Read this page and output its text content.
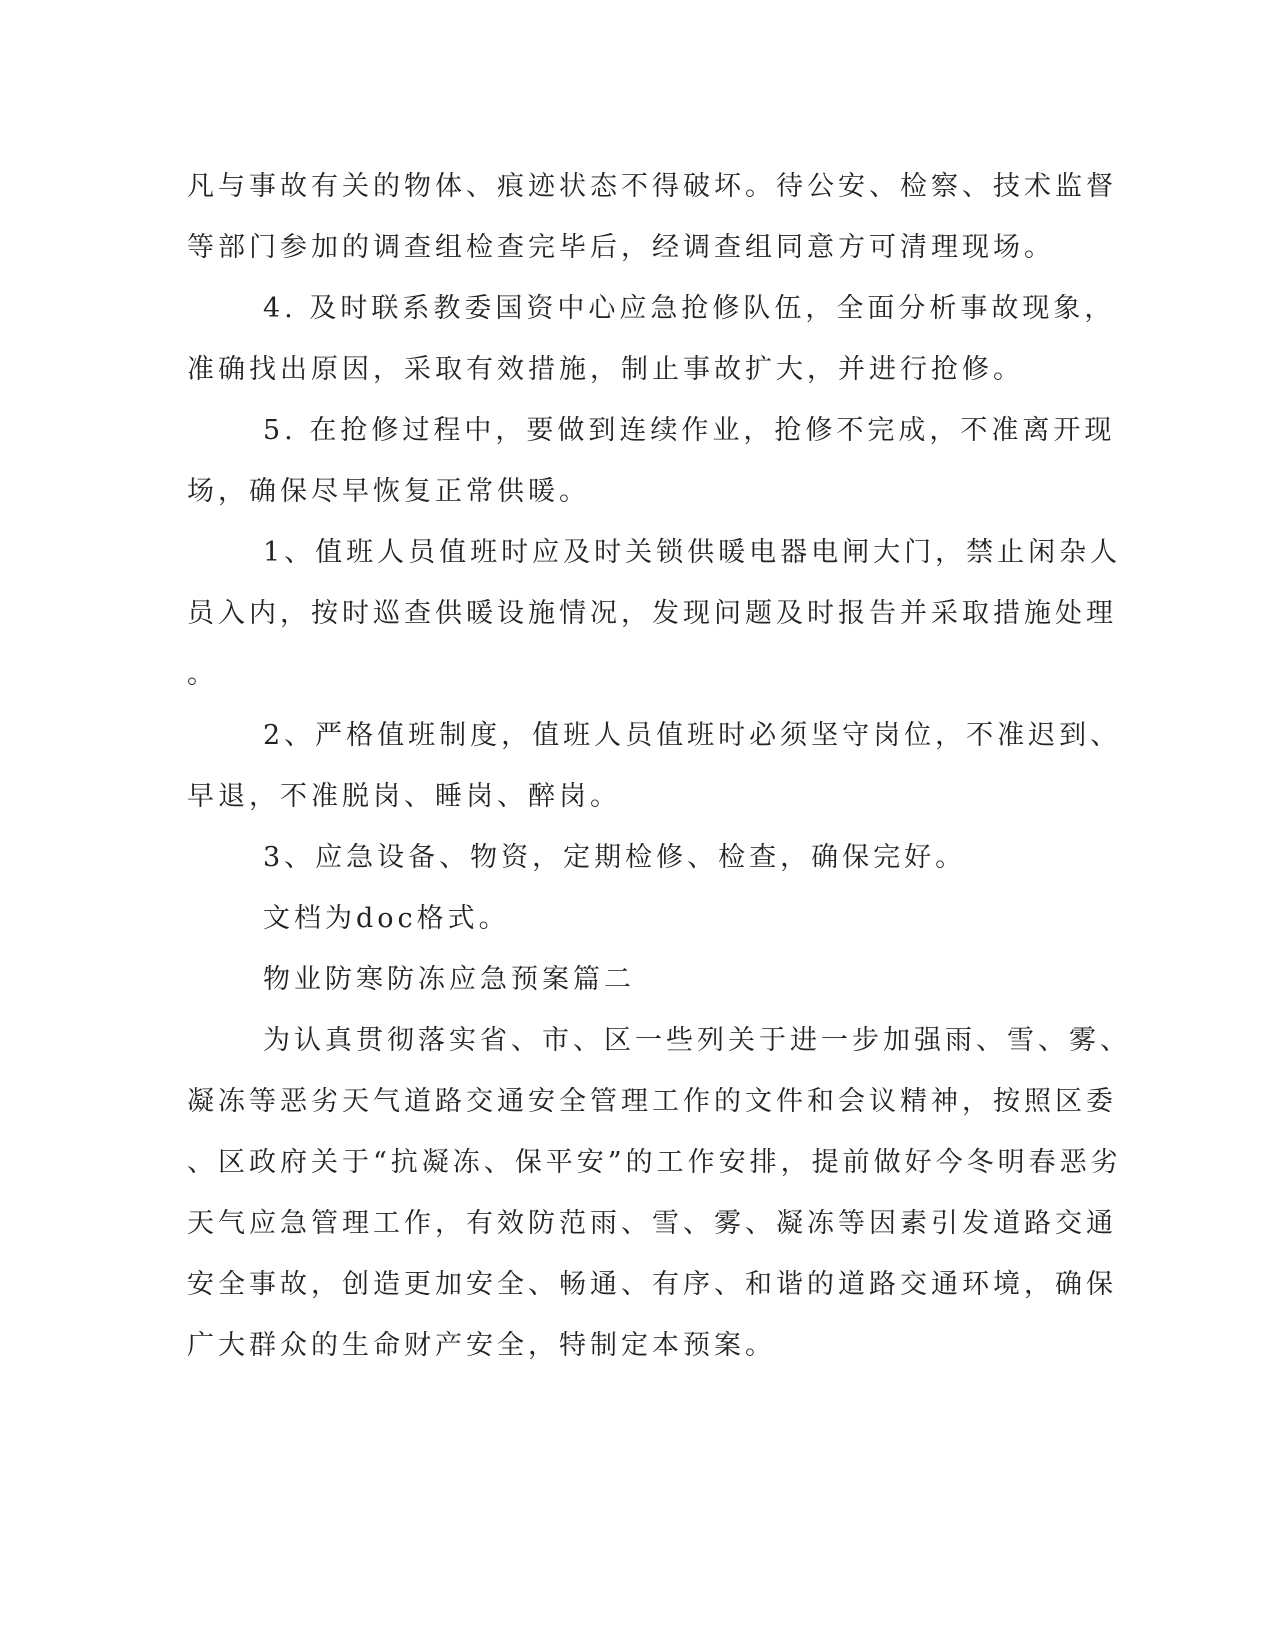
凡与事故有关的物体、痕迹状态不得破坏。待公安、检察、技术监督
等部门参加的调查组检查完毕后，经调查组同意方可清理现场。
4. 及时联系教委国资中心应急抢修队伍，全面分析事故现象，
准确找出原因，采取有效措施，制止事故扩大，并进行抢修。
5. 在抢修过程中，要做到连续作业，抢修不完成，不准离开现
场，确保尽早恢复正常供暖。
1、值班人员值班时应及时关锁供暖电器电闸大门，禁止闲杂人
员入内，按时巡查供暖设施情况，发现问题及时报告并采取措施处理
。
2、严格值班制度，值班人员值班时必须坚守岗位，不准迟到、
早退，不准脱岗、睡岗、醉岗。
3、应急设备、物资，定期检修、检查，确保完好。
文档为doc格式。
物业防寒防冻应急预案篇二
为认真贯彻落实省、市、区一些列关于进一步加强雨、雪、雾、
凝冻等恶劣天气道路交通安全管理工作的文件和会议精神，按照区委
、区政府关于“抗凝冻、保平安”的工作安排，提前做好今冬明春恶劣
天气应急管理工作，有效防范雨、雪、雾、凝冻等因素引发道路交通
安全事故，创造更加安全、畅通、有序、和谐的道路交通环境，确保
广大群众的生命财产安全，特制定本预案。
